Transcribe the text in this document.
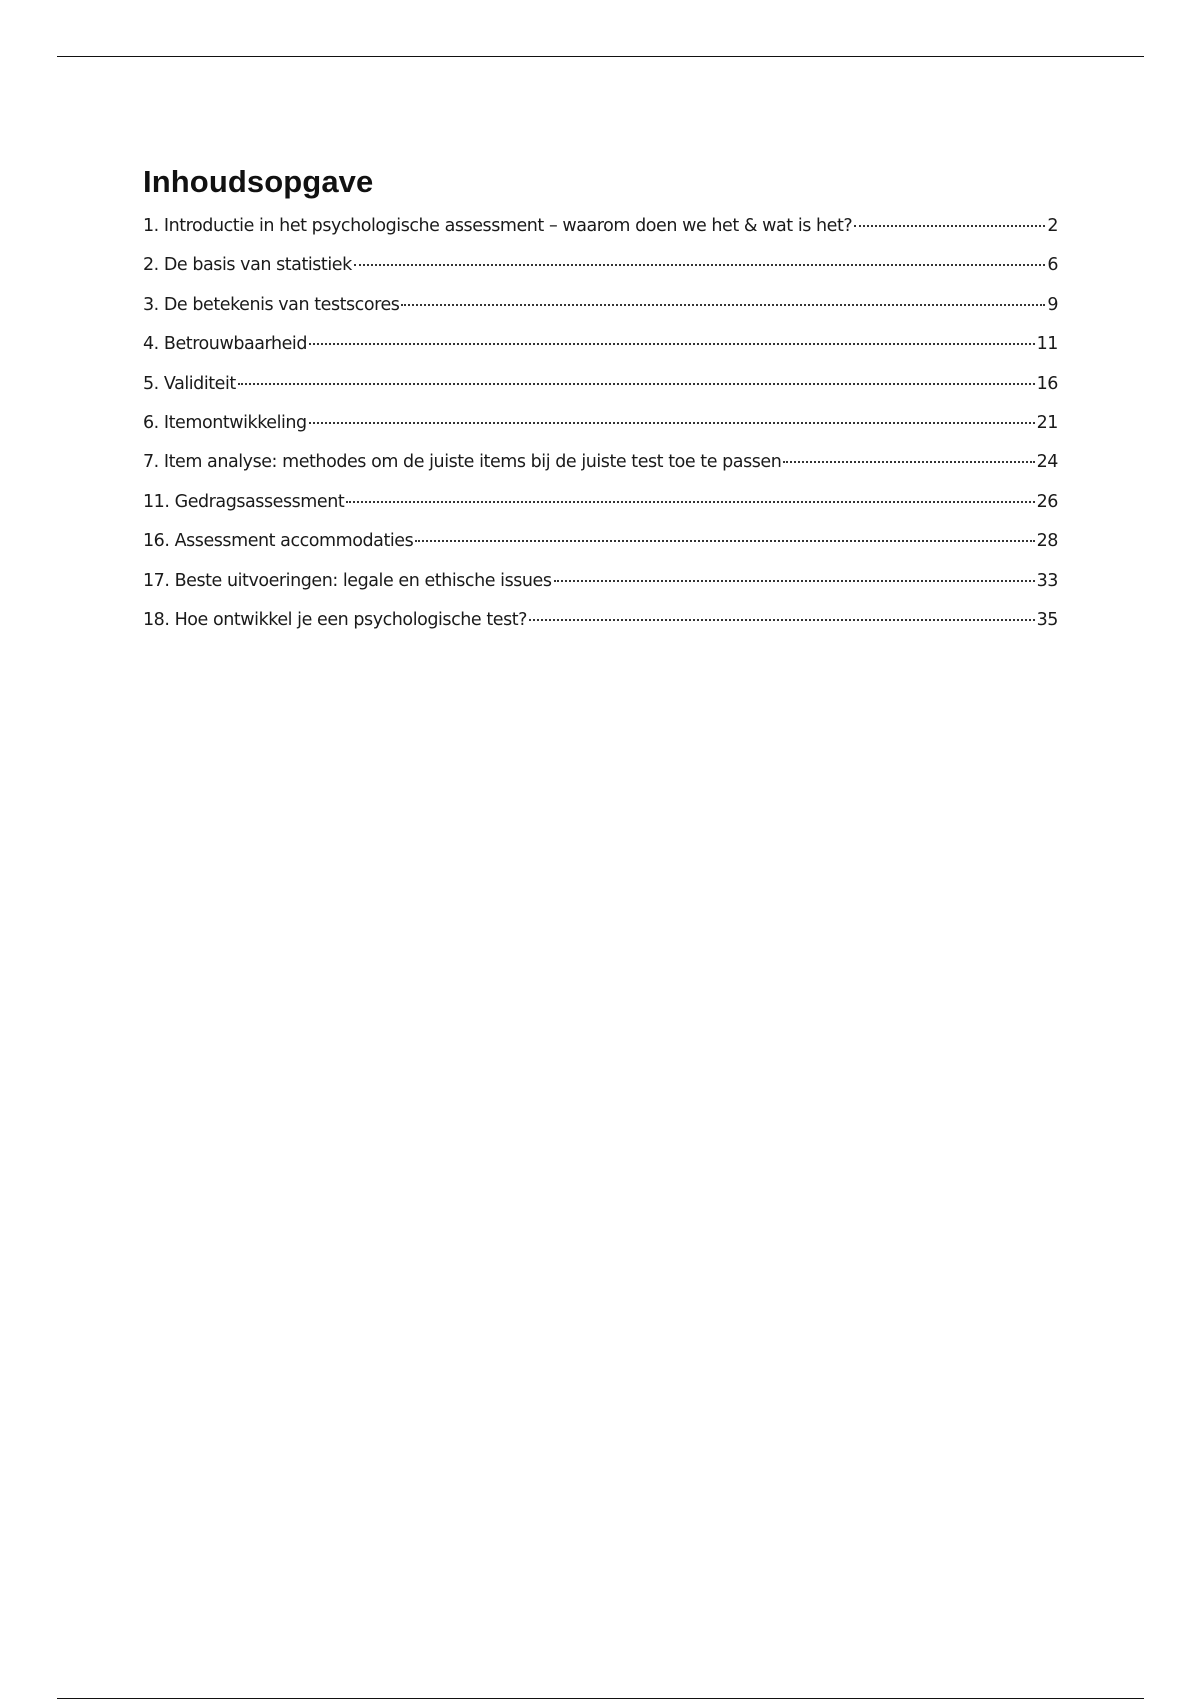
Inhoudsopgave
1. Introductie in het psychologische assessment – waarom doen we het & wat is het?	2
2. De basis van statistiek	6
3. De betekenis van testscores	9
4. Betrouwbaarheid	11
5. Validiteit	16
6. Itemontwikkeling	21
7. Item analyse: methodes om de juiste items bij de juiste test toe te passen	24
11. Gedragsassessment	26
16. Assessment accommodaties	28
17. Beste uitvoeringen: legale en ethische issues	33
18. Hoe ontwikkel je een psychologische test?	35
